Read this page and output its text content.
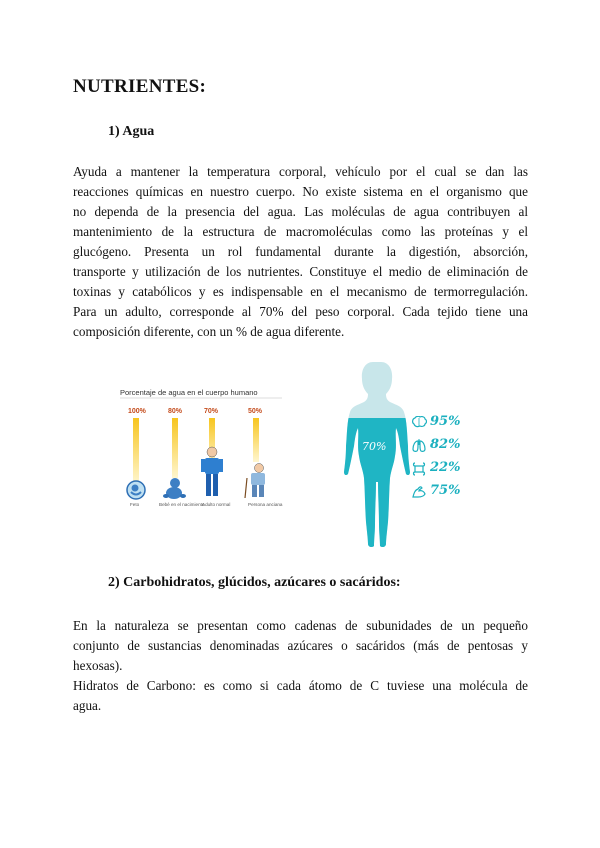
NUTRIENTES:
1) Agua
Ayuda a mantener la temperatura corporal, vehículo por el cual se dan las
reacciones químicas en nuestro cuerpo. No existe sistema en el organismo que
no dependa de la presencia del agua. Las moléculas de agua contribuyen al
mantenimiento de la estructura de macromoléculas como las proteínas y el
glucógeno. Presenta un rol fundamental durante la digestión, absorción,
transporte y utilización de los nutrientes. Constituye el medio de eliminación de
toxinas y catabólicos y es indispensable en el mecanismo de termorregulación.
Para un adulto, corresponde al 70% del peso corporal. Cada tejido tiene una
composición diferente, con un % de agua diferente.
Porcentaje de agua en el cuerpo humano
100%	80%	70%	50%
Feto	Bebé en el nacimiento
Adulto normal	Persona anciana
70%
95%
82%
22%
75%
2) Carbohidratos, glúcidos, azúcares o sacáridos:
En la naturaleza se presentan como cadenas de subunidades de un pequeño
conjunto de sustancias denominadas azúcares o sacáridos (más de pentosas y
hexosas).
Hidratos de Carbono: es como si cada átomo de C tuviese una molécula de
agua.
